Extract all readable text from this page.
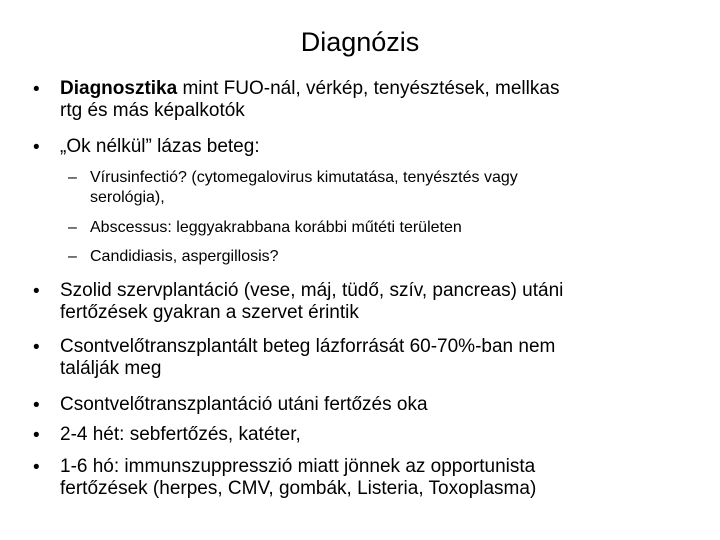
Diagnózis
• Diagnosztika mint FUO-nál, vérkép, tenyésztések, mellkas
rtg és más képalkotók
• „Ok nélkül” lázas beteg:
– Vírusinfectió? (cytomegalovirus kimutatása, tenyésztés vagy
serológia),
– Abscessus: leggyakrabbana korábbi műtéti területen
– Candidiasis, aspergillosis?
• Szolid szervplantáció (vese, máj, tüdő, szív, pancreas) utáni
fertőzések gyakran a szervet érintik
• Csontvelőtranszplantált beteg lázforrását 60-70%-ban nem
találják meg
• Csontvelőtranszplantáció utáni fertőzés oka
• 2-4 hét: sebfertőzés, katéter,
• 1-6 hó: immunszuppresszió miatt jönnek az opportunista
fertőzések (herpes, CMV, gombák, Listeria, Toxoplasma)
